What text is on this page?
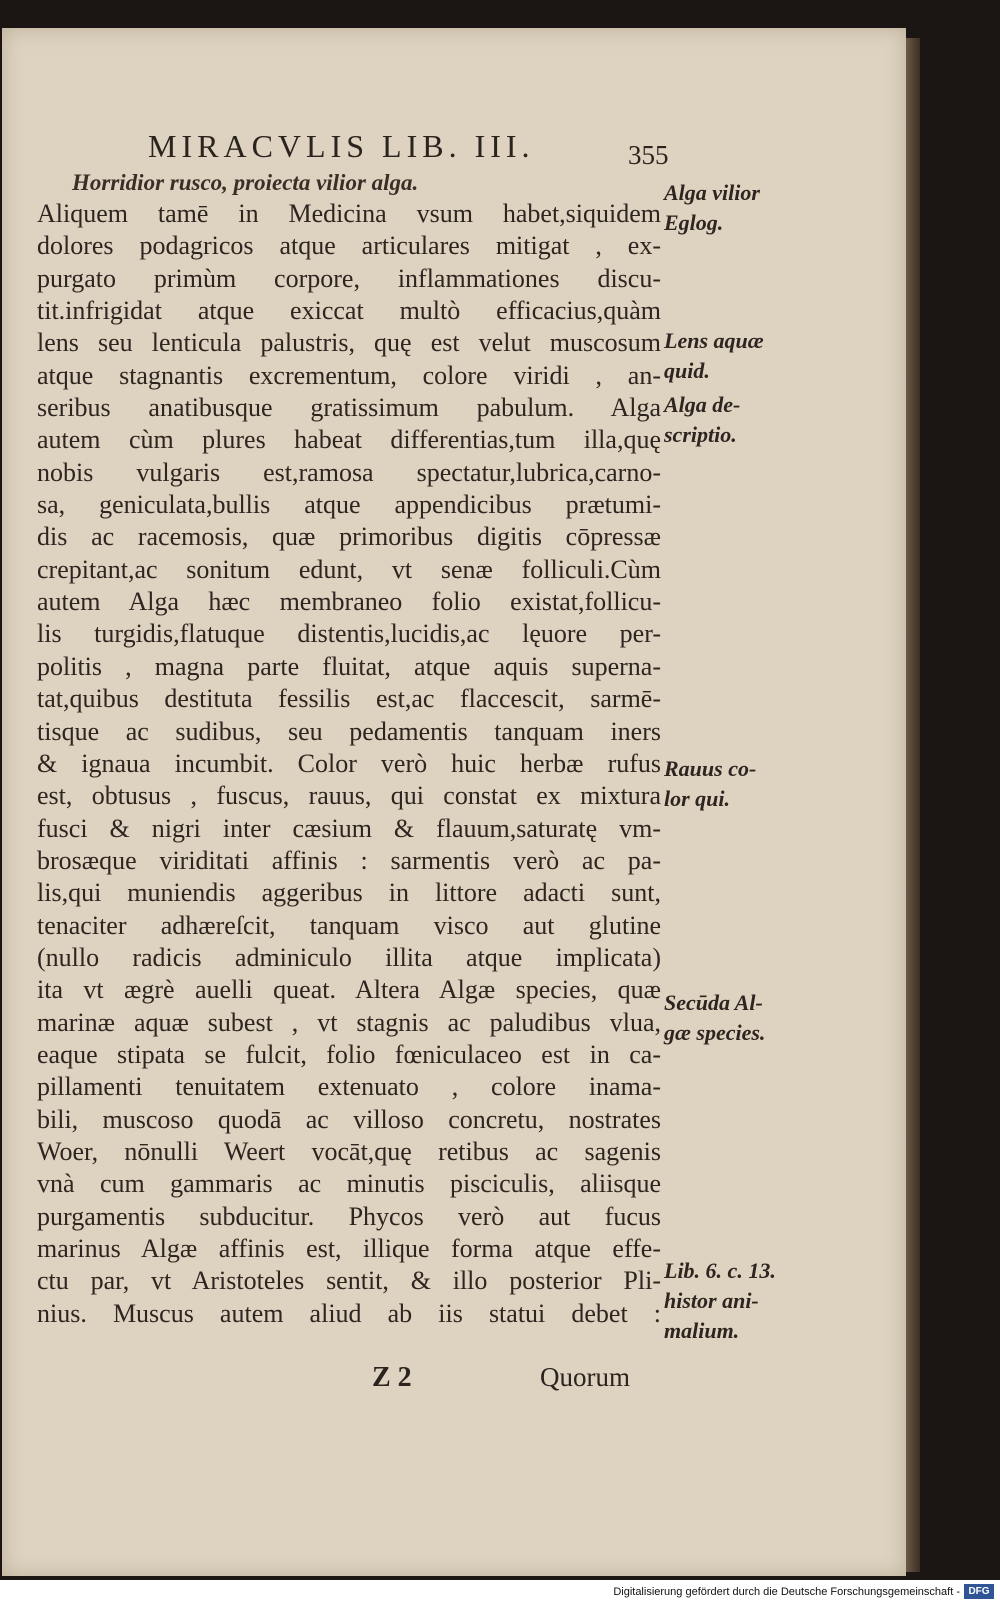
MIRACVLIS LIB. III.	355
Horridior rusco, proiecta vilior alga.
Aliquem tamē in Medicina vsum habet,siquidem
dolores podagricos atque articulares mitigat , ex-
purgato primùm corpore, inflammationes discu-
tit.infrigidat atque exiccat multò efficacius,quàm
lens seu lenticula palustris, quę est velut muscosum
atque stagnantis excrementum, colore viridi , an-
seribus anatibusque gratissimum pabulum. Alga
autem cùm plures habeat differentias,tum illa,quę
nobis vulgaris est,ramosa spectatur,lubrica,carno-
sa, geniculata,bullis atque appendicibus prætumi-
dis ac racemosis, quæ primoribus digitis cōpressæ
crepitant,ac sonitum edunt, vt senæ folliculi.Cùm
autem Alga hæc membraneo folio existat,follicu-
lis turgidis,flatuque distentis,lucidis,ac lęuore per-
politis , magna parte fluitat, atque aquis superna-
tat,quibus destituta fessilis est,ac flaccescit, sarmē-
tisque ac sudibus, seu pedamentis tanquam iners
& ignaua incumbit. Color verò huic herbæ rufus
est, obtusus , fuscus, rauus, qui constat ex mixtura
fusci & nigri inter cæsium & flauum,saturatę vm-
brosæque viriditati affinis : sarmentis verò ac pa-
lis,qui muniendis aggeribus in littore adacti sunt,
tenaciter adhæreſcit, tanquam visco aut glutine
(nullo radicis adminiculo illita atque implicata)
ita vt ægrè auelli queat. Altera Algæ species, quæ
marinæ aquæ subest , vt stagnis ac paludibus vlua,
eaque stipata se fulcit, folio fœniculaceo est in ca-
pillamenti tenuitatem extenuato , colore inama-
bili, muscoso quodā ac villoso concretu, nostrates
Woer, nōnulli Weert vocāt,quę retibus ac sagenis
vnà cum gammaris ac minutis pisciculis, aliisque
purgamentis subducitur. Phycos verò aut fucus
marinus Algæ affinis est, illique forma atque effe-
ctu par, vt Aristoteles sentit, & illo posterior Pli-
nius. Muscus autem aliud ab iis statui debet :
Alga vilior
Eglog.
Lens aquæ
quid.
Alga de-
scriptio.
Rauus co-
lor qui.
Secūda Al-
gæ species.
Lib. 6. c. 13.
histor ani-
malium.
Z 2	Quorum
Digitalisierung gefördert durch die Deutsche Forschungsgemeinschaft - DFG
